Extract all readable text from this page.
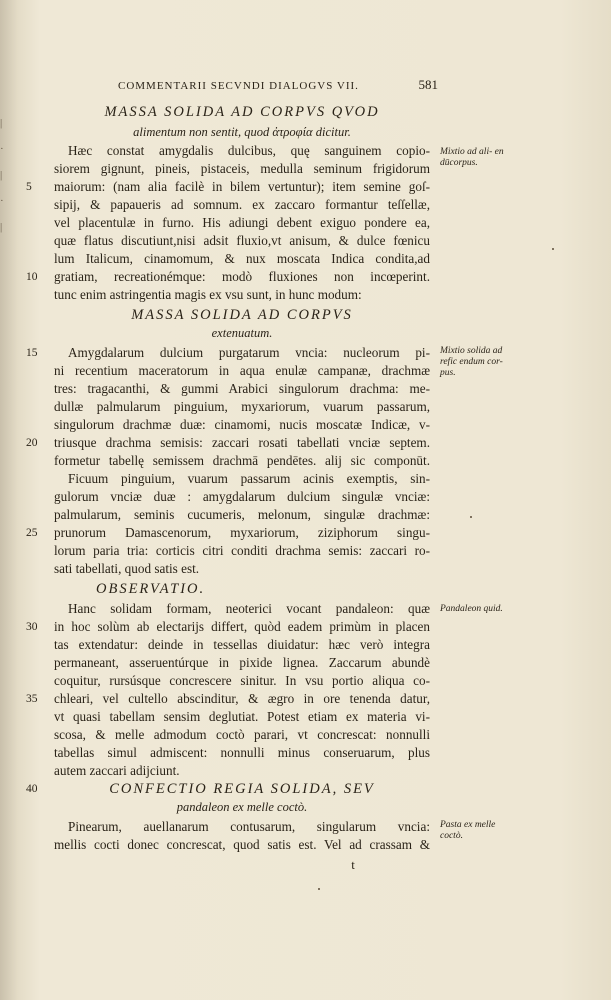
|
·
|
·
|
COMMENTARII SECVNDI DIALOGVS VII.	581
MASSA SOLIDA AD CORPVS QVOD
alimentum non sentit, quod ἀτροφία dicitur.
Hæc constat amygdalis dulcibus, quę sanguinem copio-
siorem gignunt, pineis, pistaceis, medulla seminum frigidorum
maiorum: (nam alia facilè in bilem vertuntur); item semine goſ-
sipij, & papaueris ad somnum. ex zaccaro formantur teſſellæ,
vel placentulæ in furno. His adiungi debent exiguo pondere ea,
quæ flatus discutiunt,nisi adsit fluxio,vt anisum, & dulce fœnicu
lum Italicum, cinamomum, & nux moscata Indica condita,ad
gratiam, recreationémque: modò fluxiones non incœperint.
tunc enim astringentia magis ex vsu sunt, in hunc modum:
MASSA SOLIDA AD CORPVS
extenuatum.
Amygdalarum dulcium purgatarum vncia: nucleorum pi-
ni recentium maceratorum in aqua enulæ campanæ, drachmæ
tres: tragacanthi, & gummi Arabici singulorum drachma: me-
dullæ palmularum pinguium, myxariorum, vuarum passarum,
singulorum drachmæ duæ: cinamomi, nucis moscatæ Indicæ, v-
triusque drachma semisis: zaccari rosati tabellati vnciæ septem.
formetur tabellę semissem drachmā pendētes. alij sic componūt.
Ficuum pinguium, vuarum passarum acinis exemptis, sin-
gulorum vnciæ duæ : amygdalarum dulcium singulæ vnciæ:
palmularum, seminis cucumeris, melonum, singulæ drachmæ:
prunorum Damascenorum, myxariorum, ziziphorum singu-
lorum paria tria: corticis citri conditi drachma semis: zaccari ro-
sati tabellati, quod satis est.
OBSERVATIO.
Hanc solidam formam, neoterici vocant pandaleon: quæ
in hoc solùm ab electarijs differt, quòd eadem primùm in placen
tas extendatur: deinde in tessellas diuidatur: hæc verò integra
permaneant, asseruentúrque in pixide lignea. Zaccarum abundè
coquitur, rursúsque concrescere sinitur. In vsu portio aliqua co-
chleari, vel cultello abscinditur, & ægro in ore tenenda datur,
vt quasi tabellam sensim deglutiat. Potest etiam ex materia vi-
scosa, & melle admodum coctò parari, vt concrescat: nonnulli
tabellas simul admiscent: nonnulli minus conseruarum, plus
autem zaccari adijciunt.
CONFECTIO REGIA SOLIDA, SEV
pandaleon ex melle coctò.
Pinearum, auellanarum contusarum, singularum vncia:
mellis cocti donec concrescat, quod satis est. Vel ad crassam &
5
10
15
20
25
30
35
40
Mixtio ad ali- en dūcorpus.
Mixtio solida ad refic endum cor- pus.
Pandaleon quid.
Pasta ex melle coctò.
t
